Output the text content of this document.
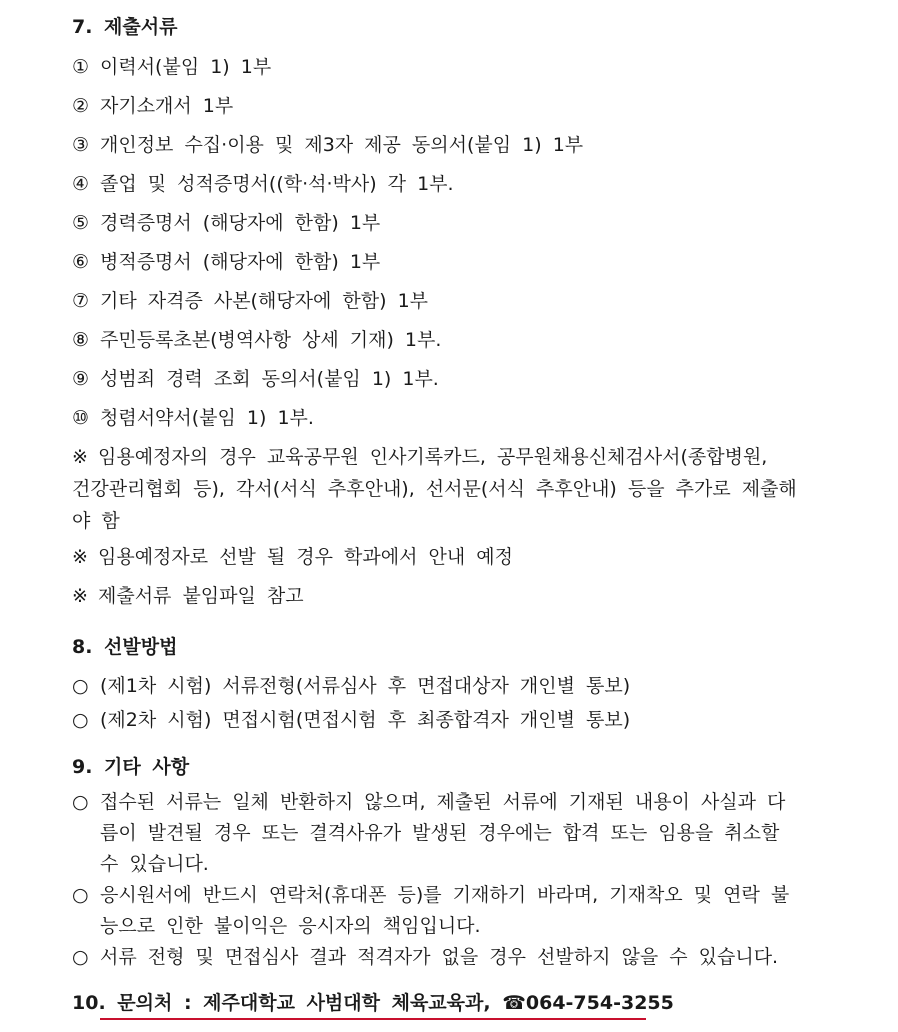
7. 제출서류
① 이력서(붙임 1) 1부
② 자기소개서 1부
③ 개인정보 수집·이용 및 제3자 제공 동의서(붙임 1) 1부
④ 졸업 및 성적증명서((학·석·박사) 각 1부.
⑤ 경력증명서 (해당자에 한함) 1부
⑥ 병적증명서 (해당자에 한함) 1부
⑦ 기타 자격증 사본(해당자에 한함) 1부
⑧ 주민등록초본(병역사항 상세 기재) 1부.
⑨ 성범죄 경력 조회 동의서(붙임 1) 1부.
⑩ 청렴서약서(붙임 1) 1부.
※ 임용예정자의 경우 교육공무원 인사기록카드, 공무원채용신체검사서(종합병원,
건강관리협회 등), 각서(서식 추후안내), 선서문(서식 추후안내) 등을 추가로 제출해
야 함
※ 임용예정자로 선발 될 경우 학과에서 안내 예정
※ 제출서류 붙임파일 참고
8. 선발방법
○ (제1차 시험) 서류전형(서류심사 후 면접대상자 개인별 통보)
○ (제2차 시험) 면접시험(면접시험 후 최종합격자 개인별 통보)
9. 기타 사항
○ 접수된 서류는 일체 반환하지 않으며, 제출된 서류에 기재된 내용이 사실과 다
름이 발견될 경우 또는 결격사유가 발생된 경우에는 합격 또는 임용을 취소할
수 있습니다.
○ 응시원서에 반드시 연락처(휴대폰 등)를 기재하기 바라며, 기재착오 및 연락 불
능으로 인한 불이익은 응시자의 책임입니다.
○ 서류 전형 및 면접심사 결과 적격자가 없을 경우 선발하지 않을 수 있습니다.
10. 문의처 : 제주대학교 사범대학 체육교육과, ☎064-754-3255
